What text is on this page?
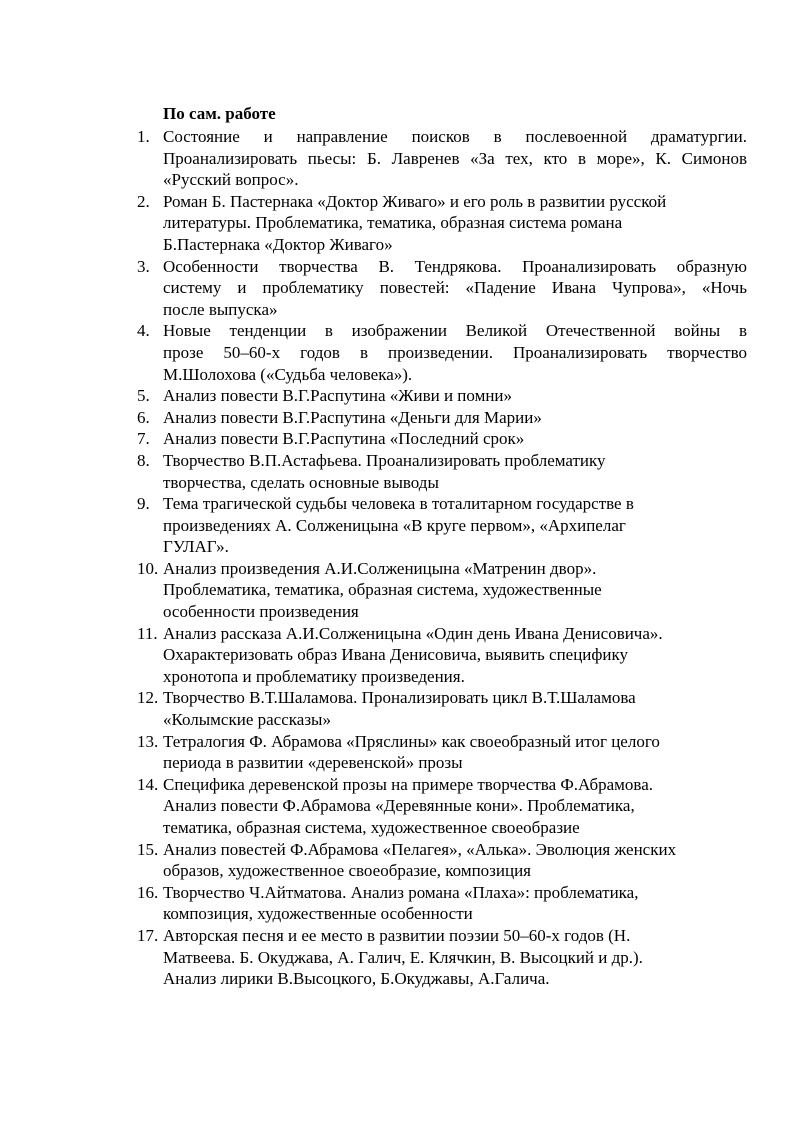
По сам. работе
1. Состояние и направление поисков в послевоенной драматургии.
Проанализировать пьесы: Б. Лавренев «За тех, кто в море», К. Симонов
«Русский вопрос».
2. Роман Б. Пастернака «Доктор Живаго» и его роль в развитии русской
литературы. Проблематика, тематика, образная система романа
Б.Пастернака «Доктор Живаго»
3. Особенности творчества В. Тендрякова. Проанализировать образную
систему и проблематику повестей: «Падение Ивана Чупрова», «Ночь
после выпуска»
4. Новые тенденции в изображении Великой Отечественной войны в
прозе 50–60-х годов в произведении. Проанализировать творчество
М.Шолохова («Судьба человека»).
5. Анализ повести В.Г.Распутина «Живи и помни»
6. Анализ повести В.Г.Распутина «Деньги для Марии»
7. Анализ повести В.Г.Распутина «Последний срок»
8. Творчество В.П.Астафьева. Проанализировать проблематику
творчества, сделать основные выводы
9. Тема трагической судьбы человека в тоталитарном государстве в
произведениях А. Солженицына «В круге первом», «Архипелаг
ГУЛАГ».
10. Анализ произведения А.И.Солженицына «Матренин двор».
Проблематика, тематика, образная система, художественные
особенности произведения
11. Анализ рассказа А.И.Солженицына «Один день Ивана Денисовича».
Охарактеризовать образ Ивана Денисовича, выявить специфику
хронотопа и проблематику произведения.
12. Творчество В.Т.Шаламова. Пронализировать цикл В.Т.Шаламова
«Колымские рассказы»
13. Тетралогия Ф. Абрамова «Пряслины» как своеобразный итог целого
периода в развитии «деревенской» прозы
14. Специфика деревенской прозы на примере творчества Ф.Абрамова.
Анализ повести Ф.Абрамова «Деревянные кони». Проблематика,
тематика, образная система, художественное своеобразие
15. Анализ повестей Ф.Абрамова «Пелагея», «Алька». Эволюция женских
образов, художественное своеобразие, композиция
16. Творчество Ч.Айтматова. Анализ романа «Плаха»: проблематика,
композиция, художественные особенности
17. Авторская песня и ее место в развитии поэзии 50–60-х годов (Н.
Матвеева. Б. Окуджава, А. Галич, Е. Клячкин, В. Высоцкий и др.).
Анализ лирики В.Высоцкого, Б.Окуджавы, А.Галича.
